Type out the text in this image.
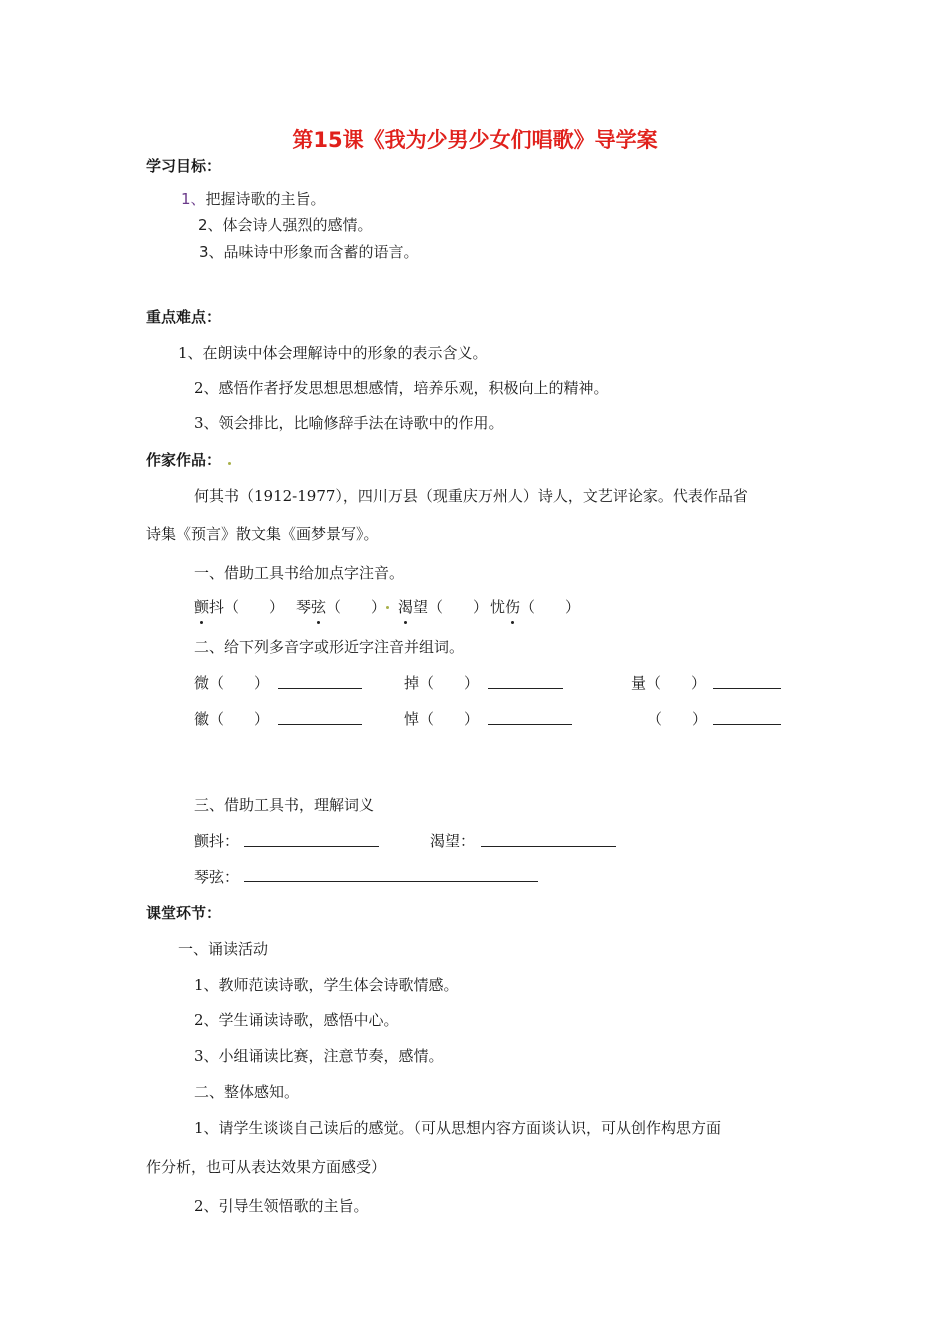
第15课《我为少男少女们唱歌》导学案
学习目标：
1、把握诗歌的主旨。
2、体会诗人强烈的感情。
3、品味诗中形象而含蓄的语言。
重点难点：
1、在朗读中体会理解诗中的形象的表示含义。
2、感悟作者抒发思想思想感情，培养乐观，积极向上的精神。
3、领会排比，比喻修辞手法在诗歌中的作用。
作家作品：
何其书（1912-1977），四川万县（现重庆万州人）诗人，文艺评论家。代表作品省
诗集《预言》散文集《画梦景写》。
一、借助工具书给加点字注音。
颤抖（　　） 琴弦（　　） 渴望（　　） 忧伤（　　）
二、给下列多音字或形近字注音并组词。
微（　　）	掉（　　）	量（　　）
徽（　　）	悼（　　）	（　　）
三、借助工具书，理解词义
颤抖：	渴望：
琴弦：
课堂环节：
一、诵读活动
1、教师范读诗歌，学生体会诗歌情感。
2、学生诵读诗歌，感悟中心。
3、小组诵读比赛，注意节奏，感情。
二、整体感知。
1、请学生谈谈自己读后的感觉。（可从思想内容方面谈认识，可从创作构思方面
作分析，也可从表达效果方面感受）
2、引导生领悟歌的主旨。
